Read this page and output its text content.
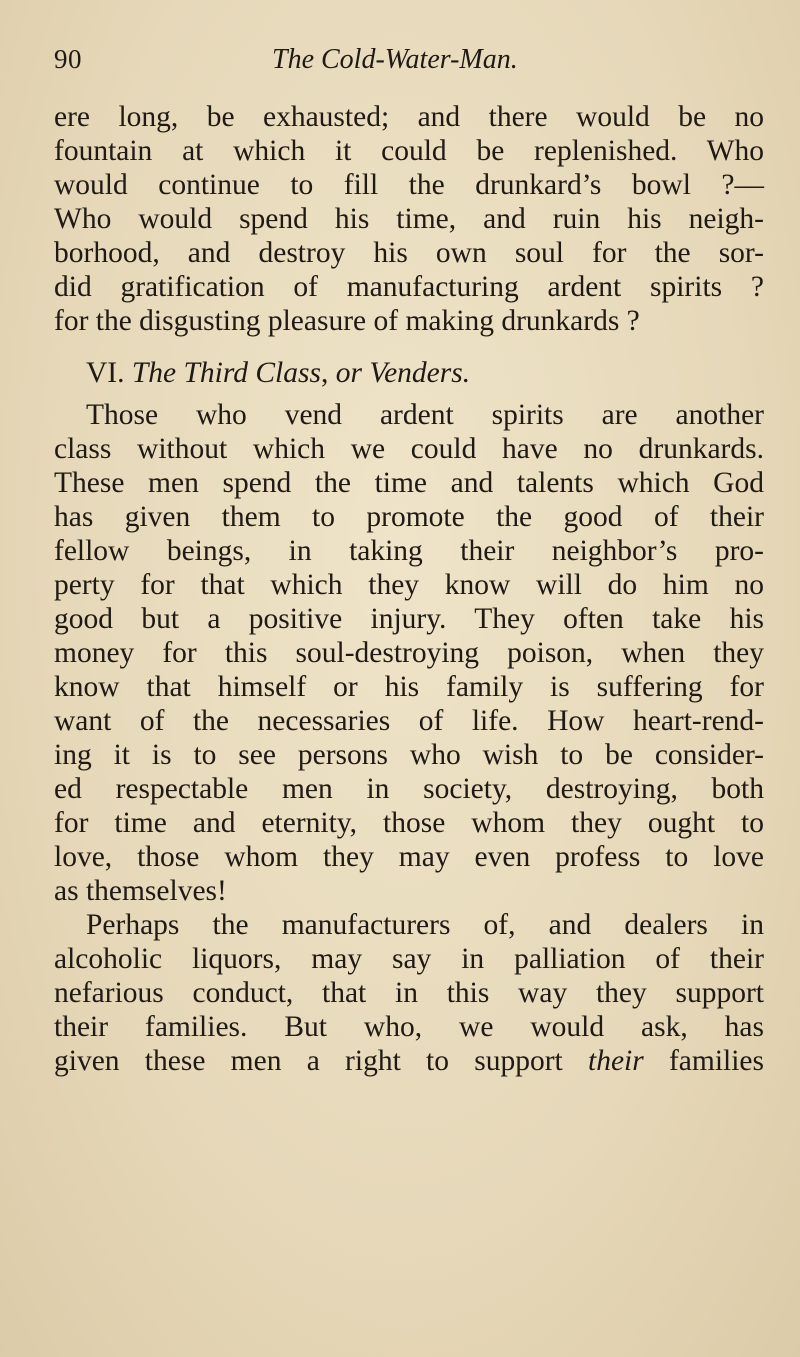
90	The Cold-Water-Man.
ere long, be exhausted; and there would be no
fountain at which it could be replenished. Who
would continue to fill the drunkard’s bowl ?—
Who would spend his time, and ruin his neigh-
borhood, and destroy his own soul for the sor-
did gratification of manufacturing ardent spirits ?
for the disgusting pleasure of making drunkards ?
VI. The Third Class, or Venders.
Those who vend ardent spirits are another
class without which we could have no drunkards.
These men spend the time and talents which God
has given them to promote the good of their
fellow beings, in taking their neighbor’s pro-
perty for that which they know will do him no
good but a positive injury. They often take his
money for this soul-destroying poison, when they
know that himself or his family is suffering for
want of the necessaries of life. How heart-rend-
ing it is to see persons who wish to be consider-
ed respectable men in society, destroying, both
for time and eternity, those whom they ought to
love, those whom they may even profess to love
as themselves!
Perhaps the manufacturers of, and dealers in
alcoholic liquors, may say in palliation of their
nefarious conduct, that in this way they support
their families. But who, we would ask, has
given these men a right to support their families
